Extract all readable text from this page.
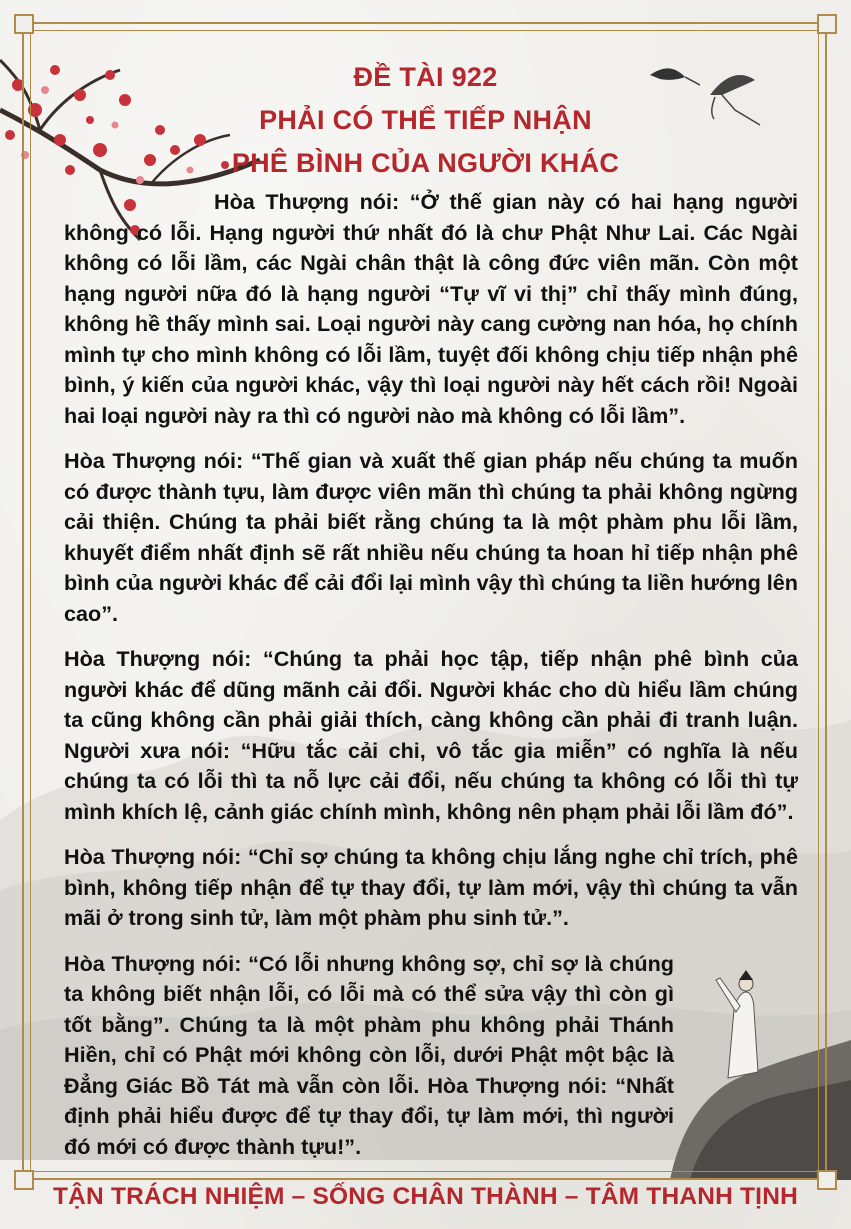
ĐỀ TÀI 922
PHẢI CÓ THỂ TIẾP NHẬN
PHÊ BÌNH CỦA NGƯỜI KHÁC

Hòa Thượng nói: “Ở thế gian này có hai hạng người không có lỗi. Hạng người thứ nhất đó là chư Phật Như Lai. Các Ngài không có lỗi lầm, các Ngài chân thật là công đức viên mãn. Còn một hạng người nữa đó là hạng người “Tự vĩ vi thị” chỉ thấy mình đúng, không hề thấy mình sai. Loại người này cang cường nan hóa, họ chính mình tự cho mình không có lỗi lầm, tuyệt đối không chịu tiếp nhận phê bình, ý kiến của người khác, vậy thì loại người này hết cách rồi! Ngoài hai loại người này ra thì có người nào mà không có lỗi lầm”.

Hòa Thượng nói: “Thế gian và xuất thế gian pháp nếu chúng ta muốn có được thành tựu, làm được viên mãn thì chúng ta phải không ngừng cải thiện. Chúng ta phải biết rằng chúng ta là một phàm phu lỗi lầm, khuyết điểm nhất định sẽ rất nhiều nếu chúng ta hoan hỉ tiếp nhận phê bình của người khác để cải đổi lại mình vậy thì chúng ta liền hướng lên cao”.

Hòa Thượng nói: “Chúng ta phải học tập, tiếp nhận phê bình của người khác để dũng mãnh cải đổi. Người khác cho dù hiểu lầm chúng ta cũng không cần phải giải thích, càng không cần phải đi tranh luận. Người xưa nói: “Hữu tắc cải chi, vô tắc gia miễn” có nghĩa là nếu chúng ta có lỗi thì ta nỗ lực cải đổi, nếu chúng ta không có lỗi thì tự mình khích lệ, cảnh giác chính mình, không nên phạm phải lỗi lầm đó”.

Hòa Thượng nói: “Chỉ sợ chúng ta không chịu lắng nghe chỉ trích, phê bình, không tiếp nhận để tự thay đổi, tự làm mới, vậy thì chúng ta vẫn mãi ở trong sinh tử, làm một phàm phu sinh tử.”.

Hòa Thượng nói: “Có lỗi nhưng không sợ, chỉ sợ là chúng ta không biết nhận lỗi, có lỗi mà có thể sửa vậy thì còn gì tốt bằng”. Chúng ta là một phàm phu không phải Thánh Hiền, chỉ có Phật mới không còn lỗi, dưới Phật một bậc là Đẳng Giác Bồ Tát mà vẫn còn lỗi. Hòa Thượng nói: “Nhất định phải hiểu được để tự thay đổi, tự làm mới, thì người đó mới có được thành tựu!”.

TẬN TRÁCH NHIỆM – SỐNG CHÂN THÀNH – TÂM THANH TỊNH
